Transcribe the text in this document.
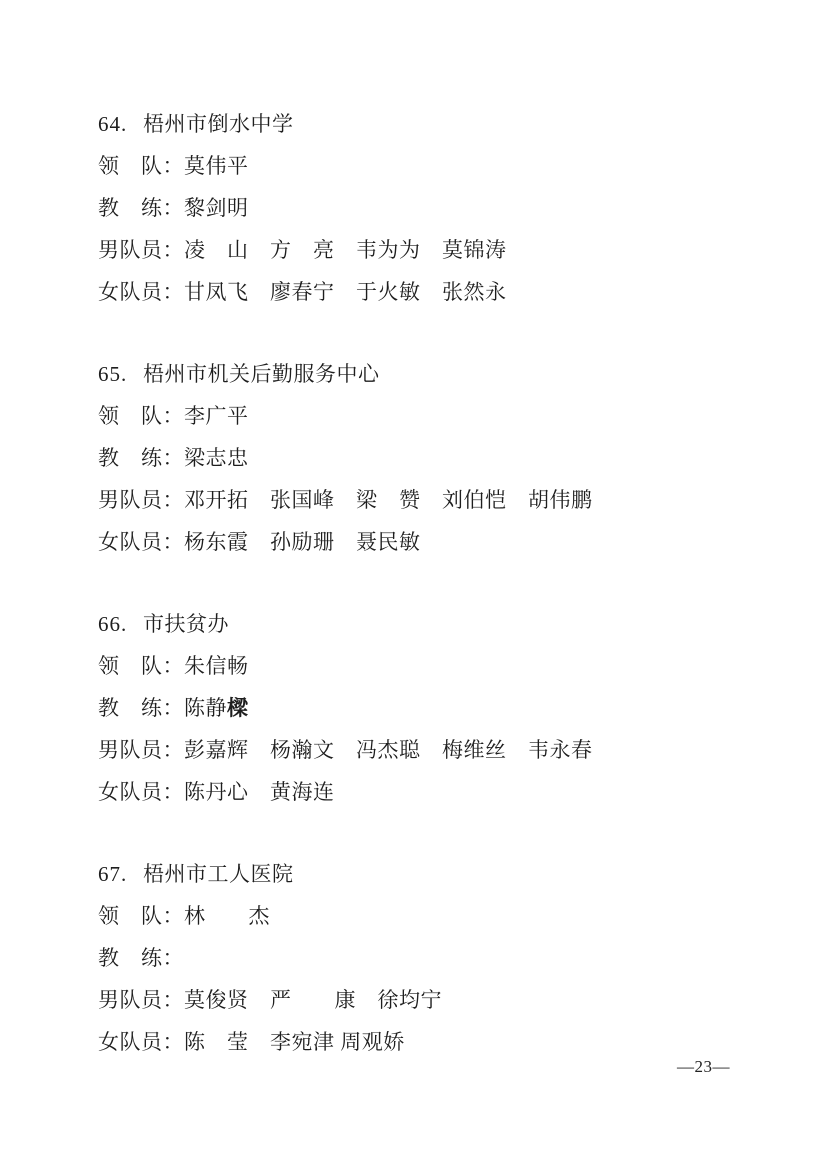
64. 梧州市倒水中学
领　队：莫伟平
教　练：黎剑明
男队员：凌　山　方　亮　韦为为　莫锦涛
女队员：甘凤飞　廖春宁　于火敏　张然永
65. 梧州市机关后勤服务中心
领　队：李广平
教　练：梁志忠
男队员：邓开拓　张国峰　梁　赞　刘伯恺　胡伟鹏
女队员：杨东霞　孙励珊　聂民敏
66. 市扶贫办
领　队：朱信畅
教　练：陈静樑
男队员：彭嘉辉　杨瀚文　冯杰聪　梅维丝　韦永春
女队员：陈丹心　黄海连
67. 梧州市工人医院
领　队：林　　杰
教　练：
男队员：莫俊贤　严　　康　徐均宁
女队员：陈　莹　李宛津 周观娇
—23—
